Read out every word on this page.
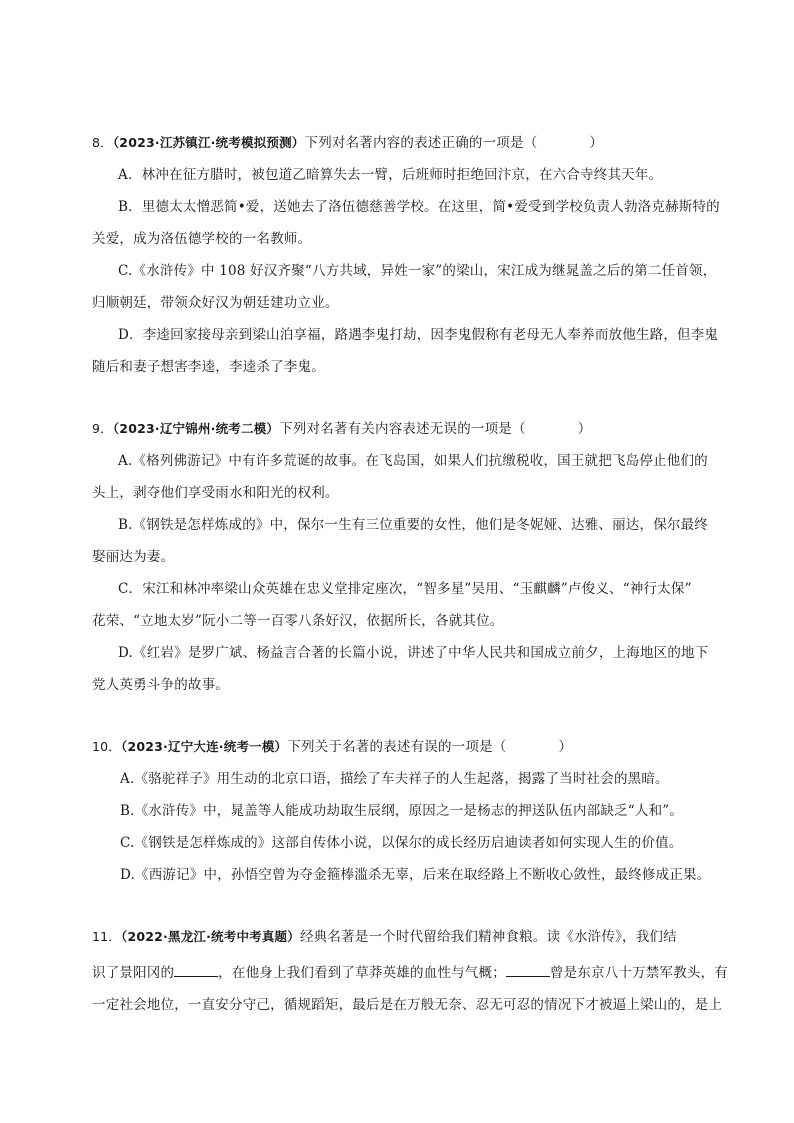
8．（2023·江苏镇江·统考模拟预测）下列对名著内容的表述正确的一项是（	）
A．林冲在征方腊时，被包道乙暗算失去一臂，后班师时拒绝回汴京，在六合寺终其天年。
B．里德太太憎恶简•爱，送她去了洛伍德慈善学校。在这里，简•爱受到学校负责人勃洛克赫斯特的
关爱，成为洛伍德学校的一名教师。
C.《水浒传》中 108 好汉齐聚“八方共域，异姓一家”的梁山，宋江成为继晁盖之后的第二任首领，
归顺朝廷，带领众好汉为朝廷建功立业。
D．李逵回家接母亲到梁山泊享福，路遇李鬼打劫，因李鬼假称有老母无人奉养而放他生路，但李鬼
随后和妻子想害李逵，李逵杀了李鬼。
9．（2023·辽宁锦州·统考二模）下列对名著有关内容表述无误的一项是（	）
A.《格列佛游记》中有许多荒诞的故事。在飞岛国，如果人们抗缴税收，国王就把飞岛停止他们的
头上，剥夺他们享受雨水和阳光的权利。
B.《钢铁是怎样炼成的》中，保尔一生有三位重要的女性，他们是冬妮娅、达雅、丽达，保尔最终
娶丽达为妻。
C．宋江和林冲率梁山众英雄在忠义堂排定座次，“智多星”吴用、“玉麒麟”卢俊义、“神行太保”
花荣、“立地太岁”阮小二等一百零八条好汉，依据所长，各就其位。
D.《红岩》是罗广斌、杨益言合著的长篇小说，讲述了中华人民共和国成立前夕，上海地区的地下
党人英勇斗争的故事。
10．（2023·辽宁大连·统考一模）下列关于名著的表述有误的一项是（	）
A.《骆驼祥子》用生动的北京口语，描绘了车夫祥子的人生起落，揭露了当时社会的黑暗。
B.《水浒传》中，晁盖等人能成功劫取生辰纲，原因之一是杨志的押送队伍内部缺乏“人和”。
C.《钢铁是怎样炼成的》这部自传体小说，以保尔的成长经历启迪读者如何实现人生的价值。
D.《西游记》中，孙悟空曾为夺金箍棒滥杀无辜，后来在取经路上不断收心敛性，最终修成正果。
11．（2022·黑龙江·统考中考真题）经典名著是一个时代留给我们精神食粮。读《水浒传》，我们结
识了景阳冈的	，在他身上我们看到了草莽英雄的血性与气概；	曾是东京八十万禁军教头，有
一定社会地位，一直安分守己，循规蹈矩，最后是在万般无奈、忍无可忍的情况下才被逼上梁山的，是上
